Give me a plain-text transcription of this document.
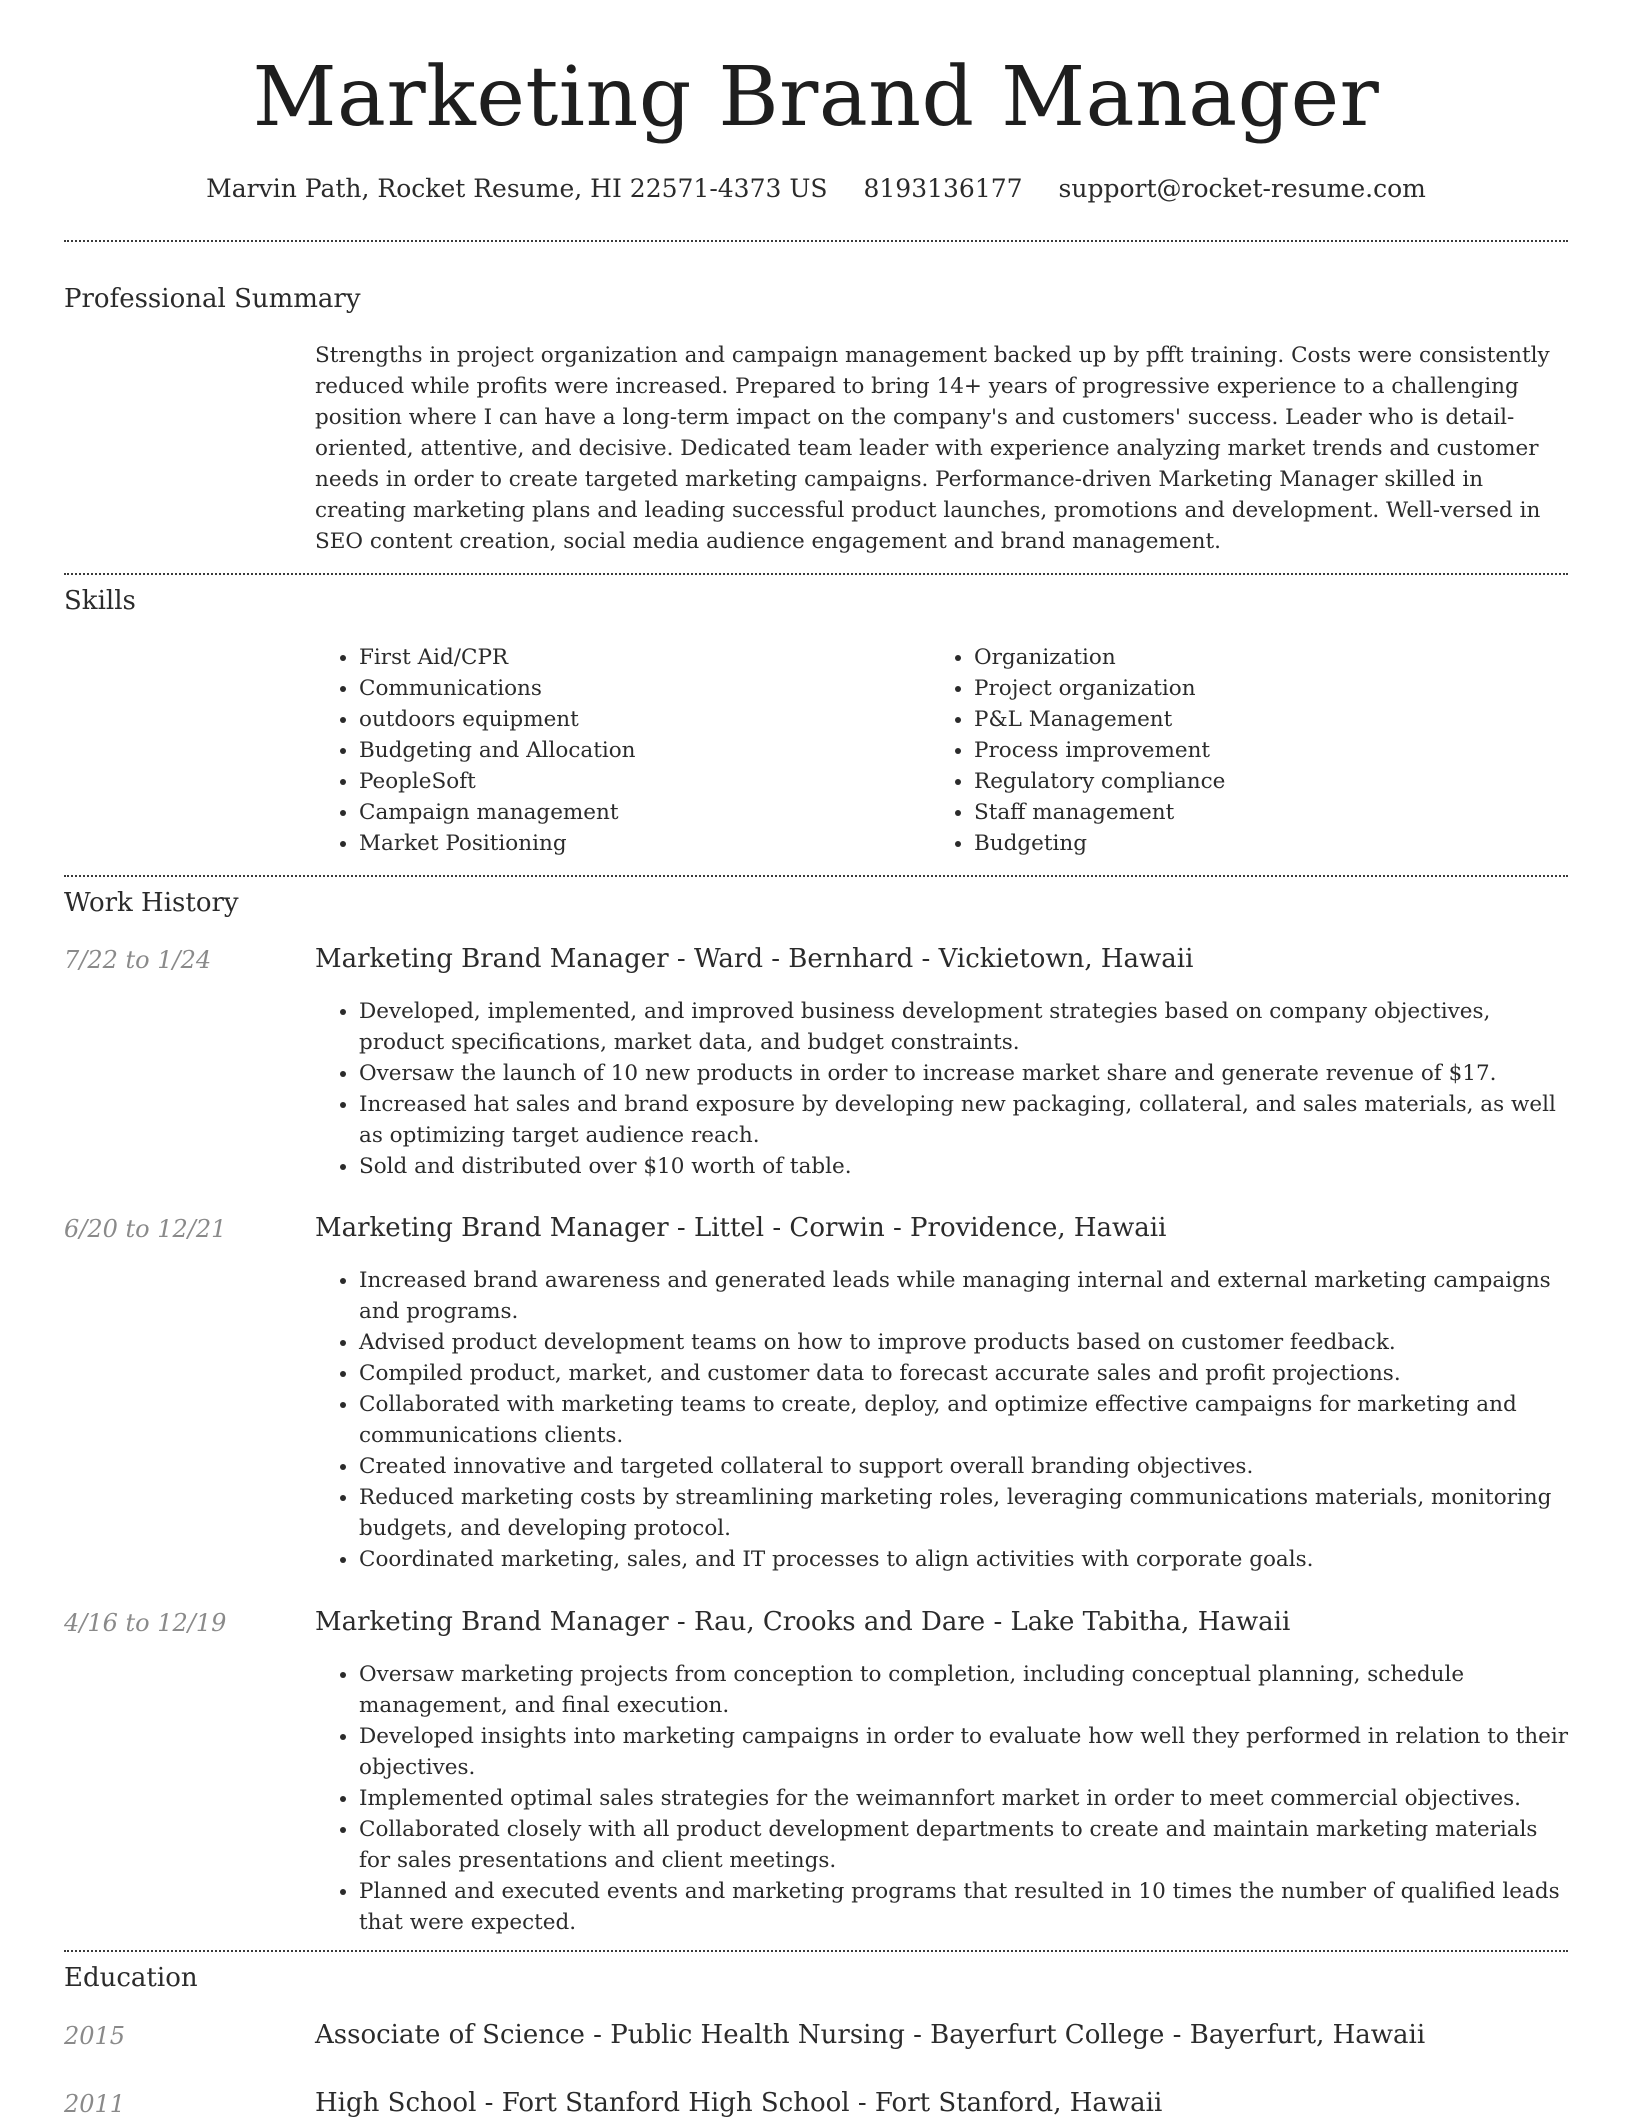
Marketing Brand Manager
Marvin Path, Rocket Resume, HI 22571-4373 US 8193136177 support@rocket-resume.com
Professional Summary
Strengths in project organization and campaign management backed up by pfft training. Costs were consistently reduced while profits were increased. Prepared to bring 14+ years of progressive experience to a challenging position where I can have a long-term impact on the company's and customers' success. Leader who is detail-oriented, attentive, and decisive. Dedicated team leader with experience analyzing market trends and customer needs in order to create targeted marketing campaigns. Performance-driven Marketing Manager skilled in creating marketing plans and leading successful product launches, promotions and development. Well-versed in SEO content creation, social media audience engagement and brand management.
Skills
• First Aid/CPR
• Communications
• outdoors equipment
• Budgeting and Allocation
• PeopleSoft
• Campaign management
• Market Positioning
• Organization
• Project organization
• P&L Management
• Process improvement
• Regulatory compliance
• Staff management
• Budgeting
Work History
7/22 to 1/24	Marketing Brand Manager - Ward - Bernhard - Vickietown, Hawaii
• Developed, implemented, and improved business development strategies based on company objectives, product specifications, market data, and budget constraints.
• Oversaw the launch of 10 new products in order to increase market share and generate revenue of $17.
• Increased hat sales and brand exposure by developing new packaging, collateral, and sales materials, as well as optimizing target audience reach.
• Sold and distributed over $10 worth of table.
6/20 to 12/21	Marketing Brand Manager - Littel - Corwin - Providence, Hawaii
• Increased brand awareness and generated leads while managing internal and external marketing campaigns and programs.
• Advised product development teams on how to improve products based on customer feedback.
• Compiled product, market, and customer data to forecast accurate sales and profit projections.
• Collaborated with marketing teams to create, deploy, and optimize effective campaigns for marketing and communications clients.
• Created innovative and targeted collateral to support overall branding objectives.
• Reduced marketing costs by streamlining marketing roles, leveraging communications materials, monitoring budgets, and developing protocol.
• Coordinated marketing, sales, and IT processes to align activities with corporate goals.
4/16 to 12/19	Marketing Brand Manager - Rau, Crooks and Dare - Lake Tabitha, Hawaii
• Oversaw marketing projects from conception to completion, including conceptual planning, schedule management, and final execution.
• Developed insights into marketing campaigns in order to evaluate how well they performed in relation to their objectives.
• Implemented optimal sales strategies for the weimannfort market in order to meet commercial objectives.
• Collaborated closely with all product development departments to create and maintain marketing materials for sales presentations and client meetings.
• Planned and executed events and marketing programs that resulted in 10 times the number of qualified leads that were expected.
Education
2015	Associate of Science - Public Health Nursing - Bayerfurt College - Bayerfurt, Hawaii
2011	High School - Fort Stanford High School - Fort Stanford, Hawaii
